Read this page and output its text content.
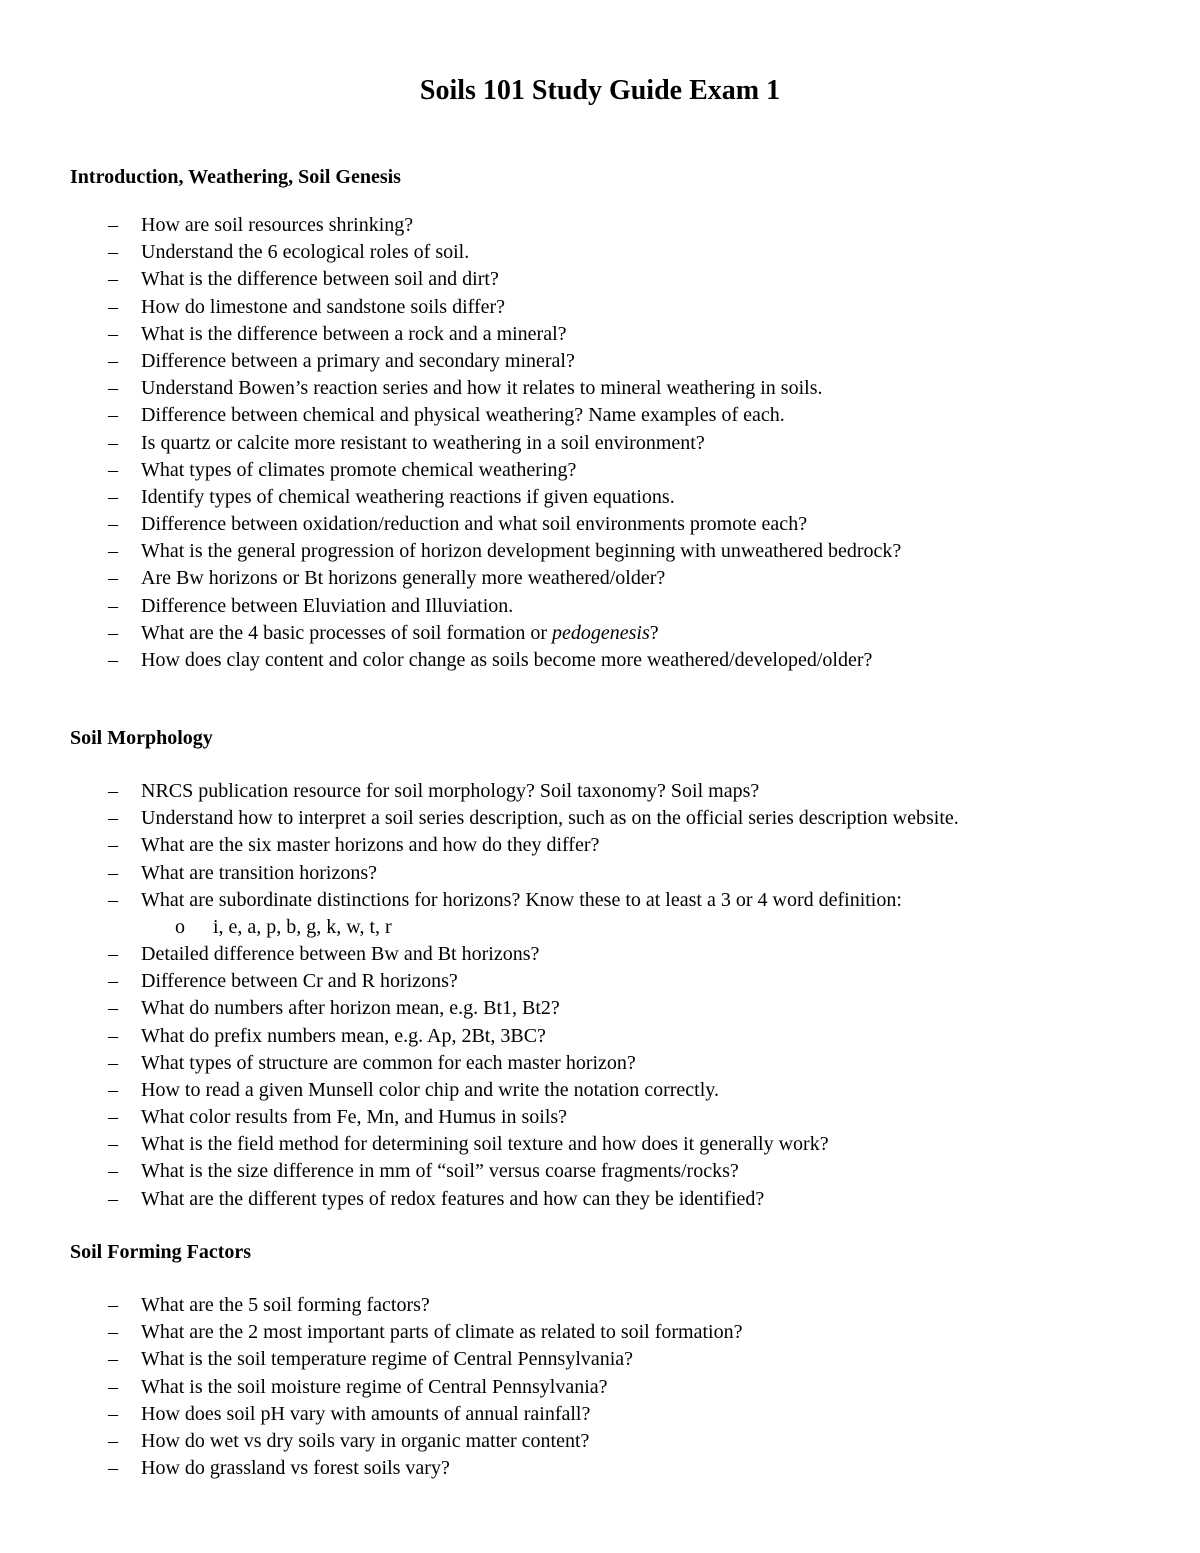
Soils 101 Study Guide Exam 1
Introduction, Weathering, Soil Genesis
– How are soil resources shrinking?
– Understand the 6 ecological roles of soil.
– What is the difference between soil and dirt?
– How do limestone and sandstone soils differ?
– What is the difference between a rock and a mineral?
– Difference between a primary and secondary mineral?
– Understand Bowen’s reaction series and how it relates to mineral weathering in soils.
– Difference between chemical and physical weathering? Name examples of each.
– Is quartz or calcite more resistant to weathering in a soil environment?
– What types of climates promote chemical weathering?
– Identify types of chemical weathering reactions if given equations.
– Difference between oxidation/reduction and what soil environments promote each?
– What is the general progression of horizon development beginning with unweathered bedrock?
– Are Bw horizons or Bt horizons generally more weathered/older?
– Difference between Eluviation and Illuviation.
– What are the 4 basic processes of soil formation or pedogenesis?
– How does clay content and color change as soils become more weathered/developed/older?
Soil Morphology
– NRCS publication resource for soil morphology? Soil taxonomy? Soil maps?
– Understand how to interpret a soil series description, such as on the official series description website.
– What are the six master horizons and how do they differ?
– What are transition horizons?
– What are subordinate distinctions for horizons? Know these to at least a 3 or 4 word definition:
o i, e, a, p, b, g, k, w, t, r
– Detailed difference between Bw and Bt horizons?
– Difference between Cr and R horizons?
– What do numbers after horizon mean, e.g. Bt1, Bt2?
– What do prefix numbers mean, e.g. Ap, 2Bt, 3BC?
– What types of structure are common for each master horizon?
– How to read a given Munsell color chip and write the notation correctly.
– What color results from Fe, Mn, and Humus in soils?
– What is the field method for determining soil texture and how does it generally work?
– What is the size difference in mm of “soil” versus coarse fragments/rocks?
– What are the different types of redox features and how can they be identified?
Soil Forming Factors
– What are the 5 soil forming factors?
– What are the 2 most important parts of climate as related to soil formation?
– What is the soil temperature regime of Central Pennsylvania?
– What is the soil moisture regime of Central Pennsylvania?
– How does soil pH vary with amounts of annual rainfall?
– How do wet vs dry soils vary in organic matter content?
– How do grassland vs forest soils vary?
